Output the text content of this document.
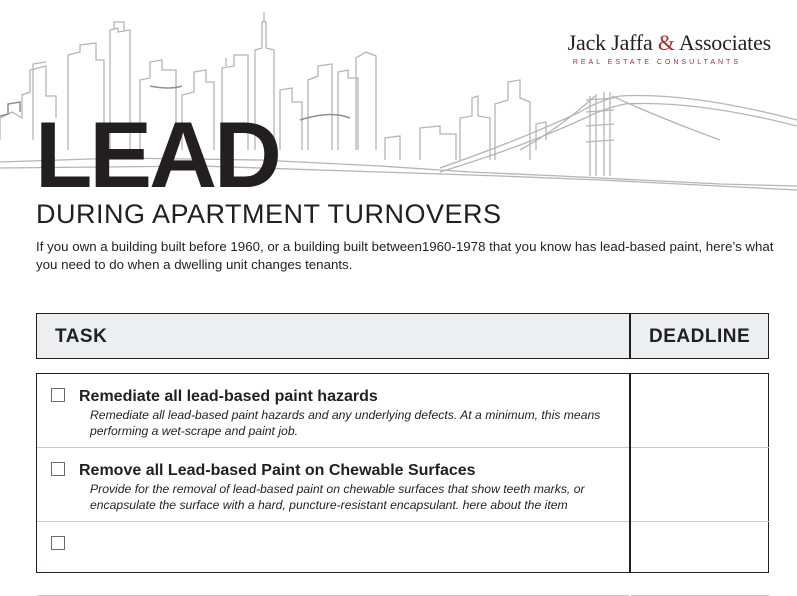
Jack Jaffa & Associates
REAL ESTATE CONSULTANTS
LEAD
DURING APARTMENT TURNOVERS
If you own a building built before 1960, or a building built between1960-1978 that you know has lead-based paint, here’s what you need to do when a dwelling unit changes tenants.
TASK	DEADLINE
Remediate all lead-based paint hazards
Remediate all lead-based paint hazards and any underlying defects. At a minimum, this means performing a wet-scrape and paint job.
Remove all Lead-based Paint on Chewable Surfaces
Provide for the removal of lead-based paint on chewable surfaces that show teeth marks, or encapsulate the surface with a hard, puncture-resistant encapsulant. here about the item
